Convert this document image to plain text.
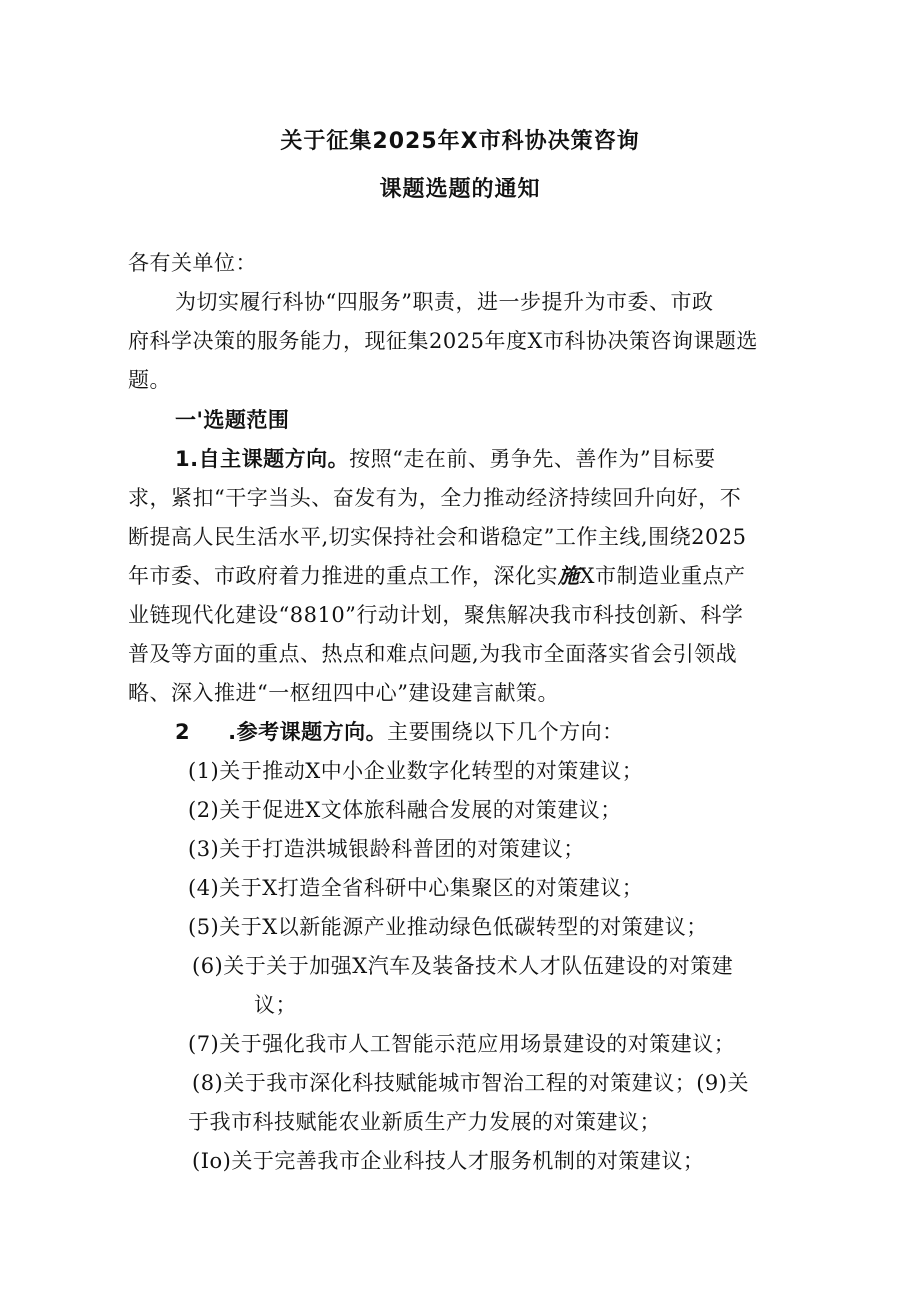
关于征集2025年X市科协决策咨询
课题选题的通知
各有关单位：
为切实履行科协“四服务”职责，进一步提升为市委、市政
府科学决策的服务能力，现征集2025年度X市科协决策咨询课题选
题。
一'选题范围
1.自主课题方向。按照“走在前、勇争先、善作为”目标要
求，紧扣“干字当头、奋发有为，全力推动经济持续回升向好，不
断提高人民生活水平,切实保持社会和谐稳定”工作主线,围绕2025
年市委、市政府着力推进的重点工作，深化实施X市制造业重点产
业链现代化建设“8810”行动计划，聚焦解决我市科技创新、科学
普及等方面的重点、热点和难点问题,为我市全面落实省会引领战
略、深入推进“一枢纽四中心”建设建言献策。
2 .参考课题方向。主要围绕以下几个方向：
(1)关于推动X中小企业数字化转型的对策建议；
(2)关于促进X文体旅科融合发展的对策建议；
(3)关于打造洪城银龄科普团的对策建议；
(4)关于X打造全省科研中心集聚区的对策建议；
(5)关于X以新能源产业推动绿色低碳转型的对策建议；
(6)关于关于加强X汽车及装备技术人才队伍建设的对策建
议；
(7)关于强化我市人工智能示范应用场景建设的对策建议；
(8)关于我市深化科技赋能城市智治工程的对策建议；(9)关
于我市科技赋能农业新质生产力发展的对策建议；
(Io)关于完善我市企业科技人才服务机制的对策建议；
